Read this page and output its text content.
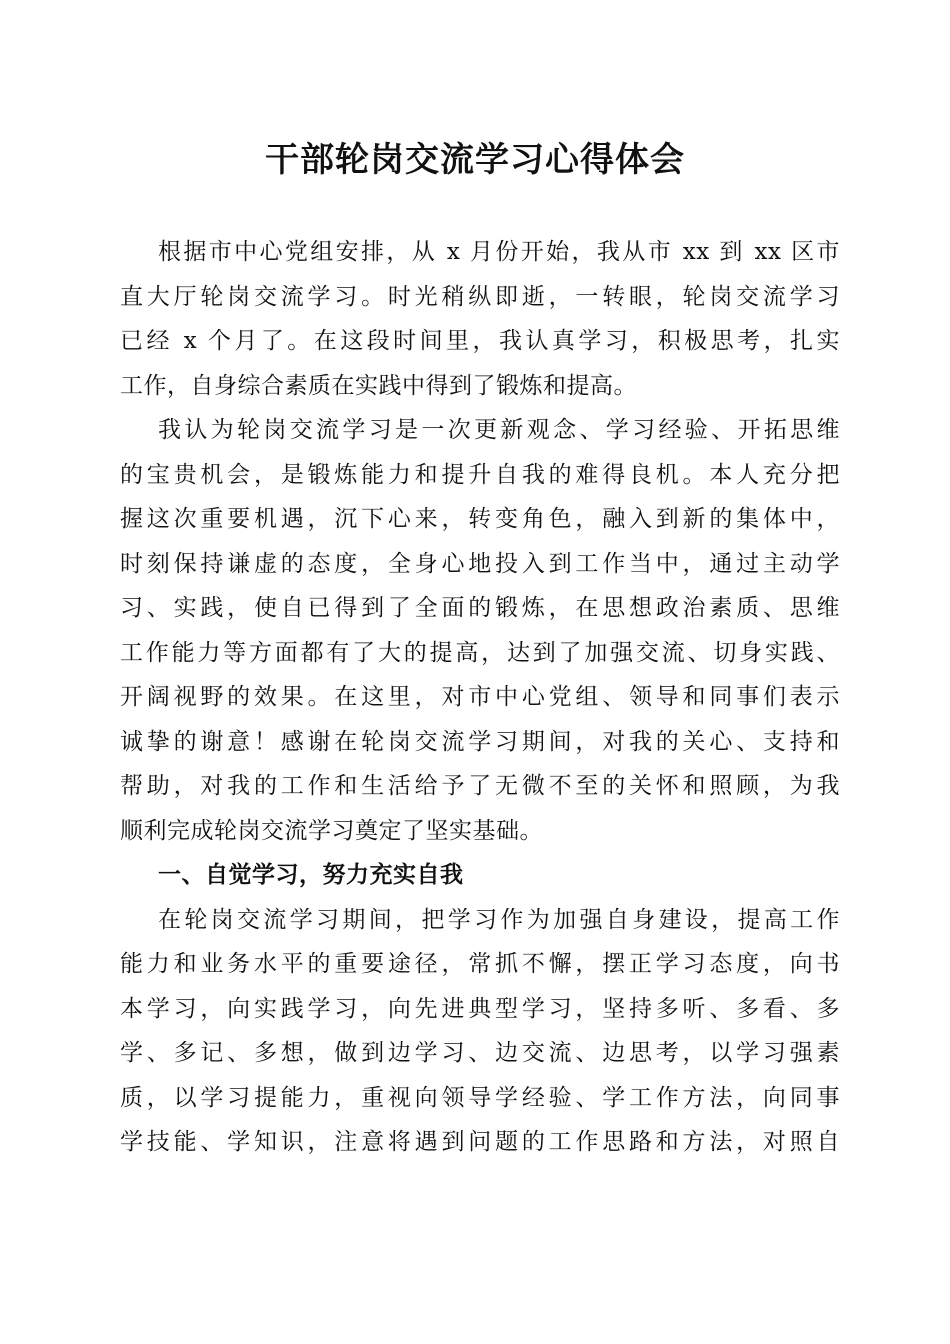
干部轮岗交流学习心得体会
根据市中心党组安排，从 x 月份开始，我从市 xx 到 xx 区市
直大厅轮岗交流学习。时光稍纵即逝，一转眼，轮岗交流学习
已经 x 个月了。在这段时间里，我认真学习，积极思考，扎实
工作，自身综合素质在实践中得到了锻炼和提高。
我认为轮岗交流学习是一次更新观念、学习经验、开拓思维
的宝贵机会，是锻炼能力和提升自我的难得良机。本人充分把
握这次重要机遇，沉下心来，转变角色，融入到新的集体中，
时刻保持谦虚的态度，全身心地投入到工作当中，通过主动学
习、实践，使自已得到了全面的锻炼，在思想政治素质、思维
工作能力等方面都有了大的提高，达到了加强交流、切身实践、
开阔视野的效果。在这里，对市中心党组、领导和同事们表示
诚挚的谢意！感谢在轮岗交流学习期间，对我的关心、支持和
帮助，对我的工作和生活给予了无微不至的关怀和照顾，为我
顺利完成轮岗交流学习奠定了坚实基础。
一、自觉学习，努力充实自我
在轮岗交流学习期间，把学习作为加强自身建设，提高工作
能力和业务水平的重要途径，常抓不懈，摆正学习态度，向书
本学习，向实践学习，向先进典型学习，坚持多听、多看、多
学、多记、多想，做到边学习、边交流、边思考，以学习强素
质，以学习提能力，重视向领导学经验、学工作方法，向同事
学技能、学知识，注意将遇到问题的工作思路和方法，对照自
